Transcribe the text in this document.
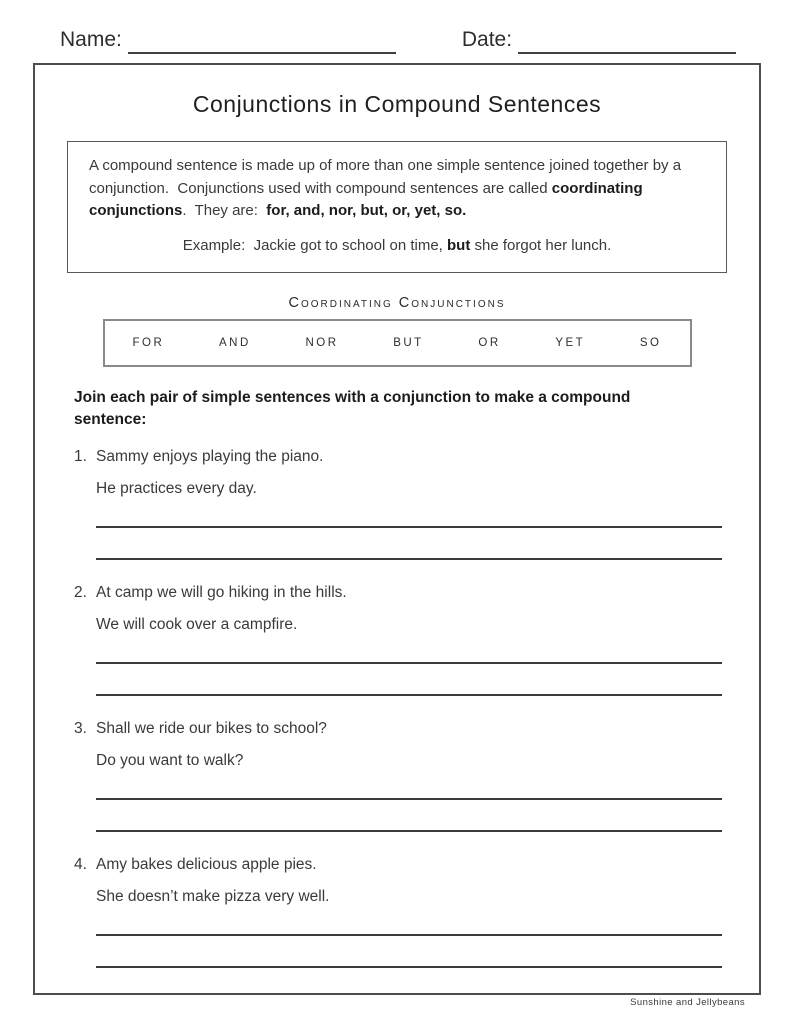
Name:	Date:
Conjunctions in Compound Sentences
A compound sentence is made up of more than one simple sentence joined together by a conjunction.  Conjunctions used with compound sentences are called coordinating conjunctions.  They are:  for, and, nor, but, or, yet, so.
Example:  Jackie got to school on time, but she forgot her lunch.
Coordinating Conjunctions
FOR	AND	NOR	BUT	OR	YET	SO
Join each pair of simple sentences with a conjunction to make a compound sentence:
1. Sammy enjoys playing the piano.
He practices every day.
2. At camp we will go hiking in the hills.
We will cook over a campfire.
3. Shall we ride our bikes to school?
Do you want to walk?
4. Amy bakes delicious apple pies.
She doesn’t make pizza very well.
Sunshine and Jellybeans
